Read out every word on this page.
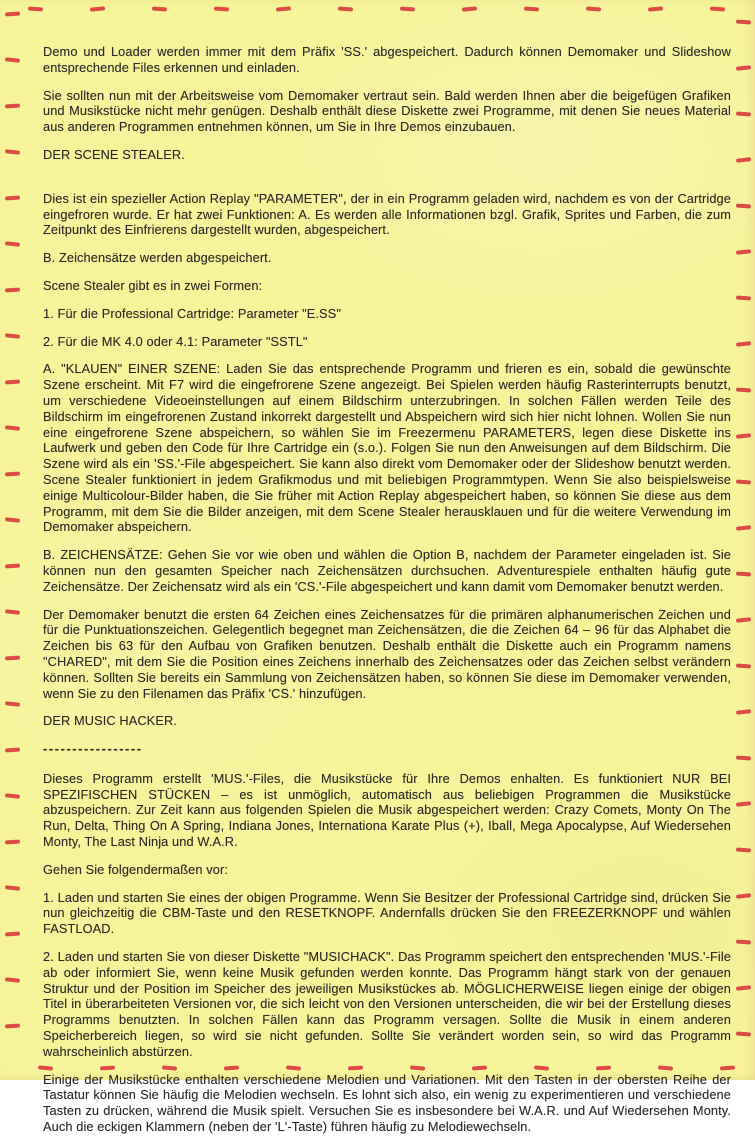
Demo und Loader werden immer mit dem Präfix 'SS.' abgespeichert. Dadurch können Demomaker und Slideshow entsprechende Files erkennen und einladen.

Sie sollten nun mit der Arbeitsweise vom Demomaker vertraut sein. Bald werden Ihnen aber die beigefügen Grafiken und Musikstücke nicht mehr genügen. Deshalb enthält diese Diskette zwei Programme, mit denen Sie neues Material aus anderen Programmen entnehmen können, um Sie in Ihre Demos einzubauen.

DER SCENE STEALER.

Dies ist ein spezieller Action Replay "PARAMETER", der in ein Programm geladen wird, nachdem es von der Cartridge eingefroren wurde. Er hat zwei Funktionen: A. Es werden alle Informationen bzgl. Grafik, Sprites und Farben, die zum Zeitpunkt des Einfrierens dargestellt wurden, abgespeichert.

B. Zeichensätze werden abgespeichert.

Scene Stealer gibt es in zwei Formen:

1. Für die Professional Cartridge: Parameter "E.SS"

2. Für die MK 4.0 oder 4.1: Parameter "SSTL"

A. "KLAUEN" EINER SZENE: Laden Sie das entsprechende Programm und frieren es ein, sobald die gewünschte Szene erscheint. Mit F7 wird die eingefrorene Szene angezeigt. Bei Spielen werden häufig Rasterinterrupts benutzt, um verschiedene Videoeinstellungen auf einem Bildschirm unterzubringen. In solchen Fällen werden Teile des Bildschirm im eingefrorenen Zustand inkorrekt dargestellt und Abspeichern wird sich hier nicht lohnen. Wollen Sie nun eine eingefrorene Szene abspeichern, so wählen Sie im Freezermenu PARAMETERS, legen diese Diskette ins Laufwerk und geben den Code für Ihre Cartridge ein (s.o.). Folgen Sie nun den Anweisungen auf dem Bildschirm. Die Szene wird als ein 'SS.'-File abgespeichert. Sie kann also direkt vom Demomaker oder der Slideshow benutzt werden. Scene Stealer funktioniert in jedem Grafikmodus und mit beliebigen Programmtypen. Wenn Sie also beispielsweise einige Multicolour-Bilder haben, die Sie früher mit Action Replay abgespeichert haben, so können Sie diese aus dem Programm, mit dem Sie die Bilder anzeigen, mit dem Scene Stealer herausklauen und für die weitere Verwendung im Demomaker abspeichern.

B. ZEICHENSÄTZE: Gehen Sie vor wie oben und wählen die Option B, nachdem der Parameter eingeladen ist. Sie können nun den gesamten Speicher nach Zeichensätzen durchsuchen. Adventurespiele enthalten häufig gute Zeichensätze. Der Zeichensatz wird als ein 'CS.'-File abgespeichert und kann damit vom Demomaker benutzt werden.

Der Demomaker benutzt die ersten 64 Zeichen eines Zeichensatzes für die primären alphanumerischen Zeichen und für die Punktuationszeichen. Gelegentlich begegnet man Zeichensätzen, die die Zeichen 64 – 96 für das Alphabet die Zeichen bis 63 für den Aufbau von Grafiken benutzen. Deshalb enthält die Diskette auch ein Programm namens "CHARED", mit dem Sie die Position eines Zeichens innerhalb des Zeichensatzes oder das Zeichen selbst verändern können. Sollten Sie bereits ein Sammlung von Zeichensätzen haben, so können Sie diese im Demomaker verwenden, wenn Sie zu den Filenamen das Präfix 'CS.' hinzufügen.

DER MUSIC HACKER.

-----------------

Dieses Programm erstellt 'MUS.'-Files, die Musikstücke für Ihre Demos enhalten. Es funktioniert NUR BEI SPEZIFISCHEN STÜCKEN – es ist unmöglich, automatisch aus beliebigen Programmen die Musikstücke abzuspeichern. Zur Zeit kann aus folgenden Spielen die Musik abgespeichert werden: Crazy Comets, Monty On The Run, Delta, Thing On A Spring, Indiana Jones, Internationa Karate Plus (+), Iball, Mega Apocalypse, Auf Wiedersehen Monty, The Last Ninja und W.A.R.

Gehen Sie folgendermaßen vor:

1. Laden und starten Sie eines der obigen Programme. Wenn Sie Besitzer der Professional Cartridge sind, drücken Sie nun gleichzeitig die CBM-Taste und den RESETKNOPF. Andernfalls drücken Sie den FREEZERKNOPF und wählen FASTLOAD.

2. Laden und starten Sie von dieser Diskette "MUSICHACK". Das Programm speichert den entsprechenden 'MUS.'-File ab oder informiert Sie, wenn keine Musik gefunden werden konnte. Das Programm hängt stark von der genauen Struktur und der Position im Speicher des jeweiligen Musikstückes ab. MÖGLICHERWEISE liegen einige der obigen Titel in überarbeiteten Versionen vor, die sich leicht von den Versionen unterscheiden, die wir bei der Erstellung dieses Programms benutzten. In solchen Fällen kann das Programm versagen. Sollte die Musik in einem anderen Speicherbereich liegen, so wird sie nicht gefunden. Sollte Sie verändert worden sein, so wird das Programm wahrscheinlich abstürzen.

Einige der Musikstücke enthalten verschiedene Melodien und Variationen. Mit den Tasten in der obersten Reihe der Tastatur können Sie häufig die Melodien wechseln. Es lohnt sich also, ein wenig zu experimentieren und verschiedene Tasten zu drücken, während die Musik spielt. Versuchen Sie es insbesondere bei W.A.R. und Auf Wiedersehen Monty. Auch die eckigen Klammern (neben der 'L'-Taste) führen häufig zu Melodiewechseln.
